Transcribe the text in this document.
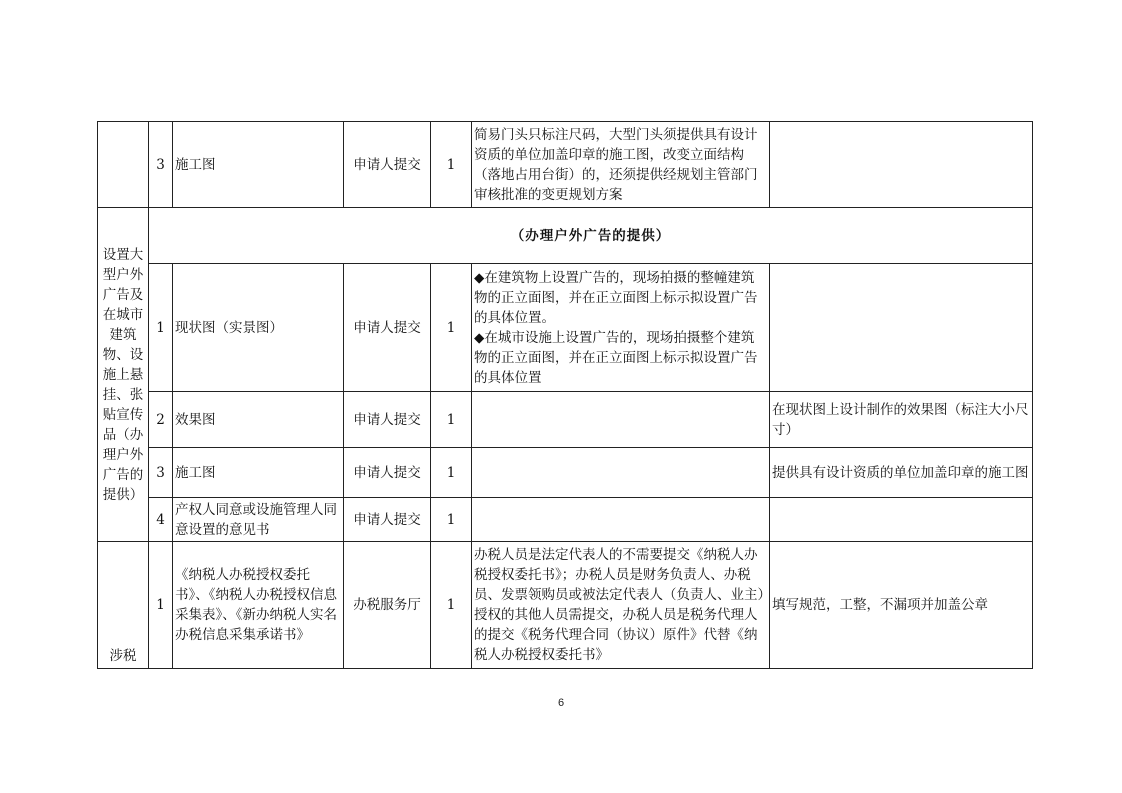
	3	施工图	申请人提交	1	简易门头只标注尺码，大型门头须提供具有设计资质的单位加盖印章的施工图，改变立面结构（落地占用台街）的，还须提供经规划主管部门审核批准的变更规划方案	
设置大型户外广告及在城市建筑物、设施上悬挂、张贴宣传品（办理户外广告的提供）	（办理户外广告的提供）					
	1	现状图（实景图）	申请人提交	1	◆在建筑物上设置广告的，现场拍摄的整幢建筑物的正立面图，并在正立面图上标示拟设置广告的具体位置。
◆在城市设施上设置广告的，现场拍摄整个建筑物的正立面图，并在正立面图上标示拟设置广告的具体位置	
	2	效果图	申请人提交	1		在现状图上设计制作的效果图（标注大小尺寸）
	3	施工图	申请人提交	1		提供具有设计资质的单位加盖印章的施工图
	4	产权人同意或设施管理人同意设置的意见书	申请人提交	1		
涉税	1	《纳税人办税授权委托书》、《纳税人办税授权信息采集表》、《新办纳税人实名办税信息采集承诺书》	办税服务厅	1	办税人员是法定代表人的不需要提交《纳税人办税授权委托书》；办税人员是财务负责人、办税员、发票领购员或被法定代表人（负责人、业主）授权的其他人员需提交，办税人员是税务代理人的提交《税务代理合同（协议）原件》代替《纳税人办税授权委托书》	填写规范，工整，不漏项并加盖公章
6
